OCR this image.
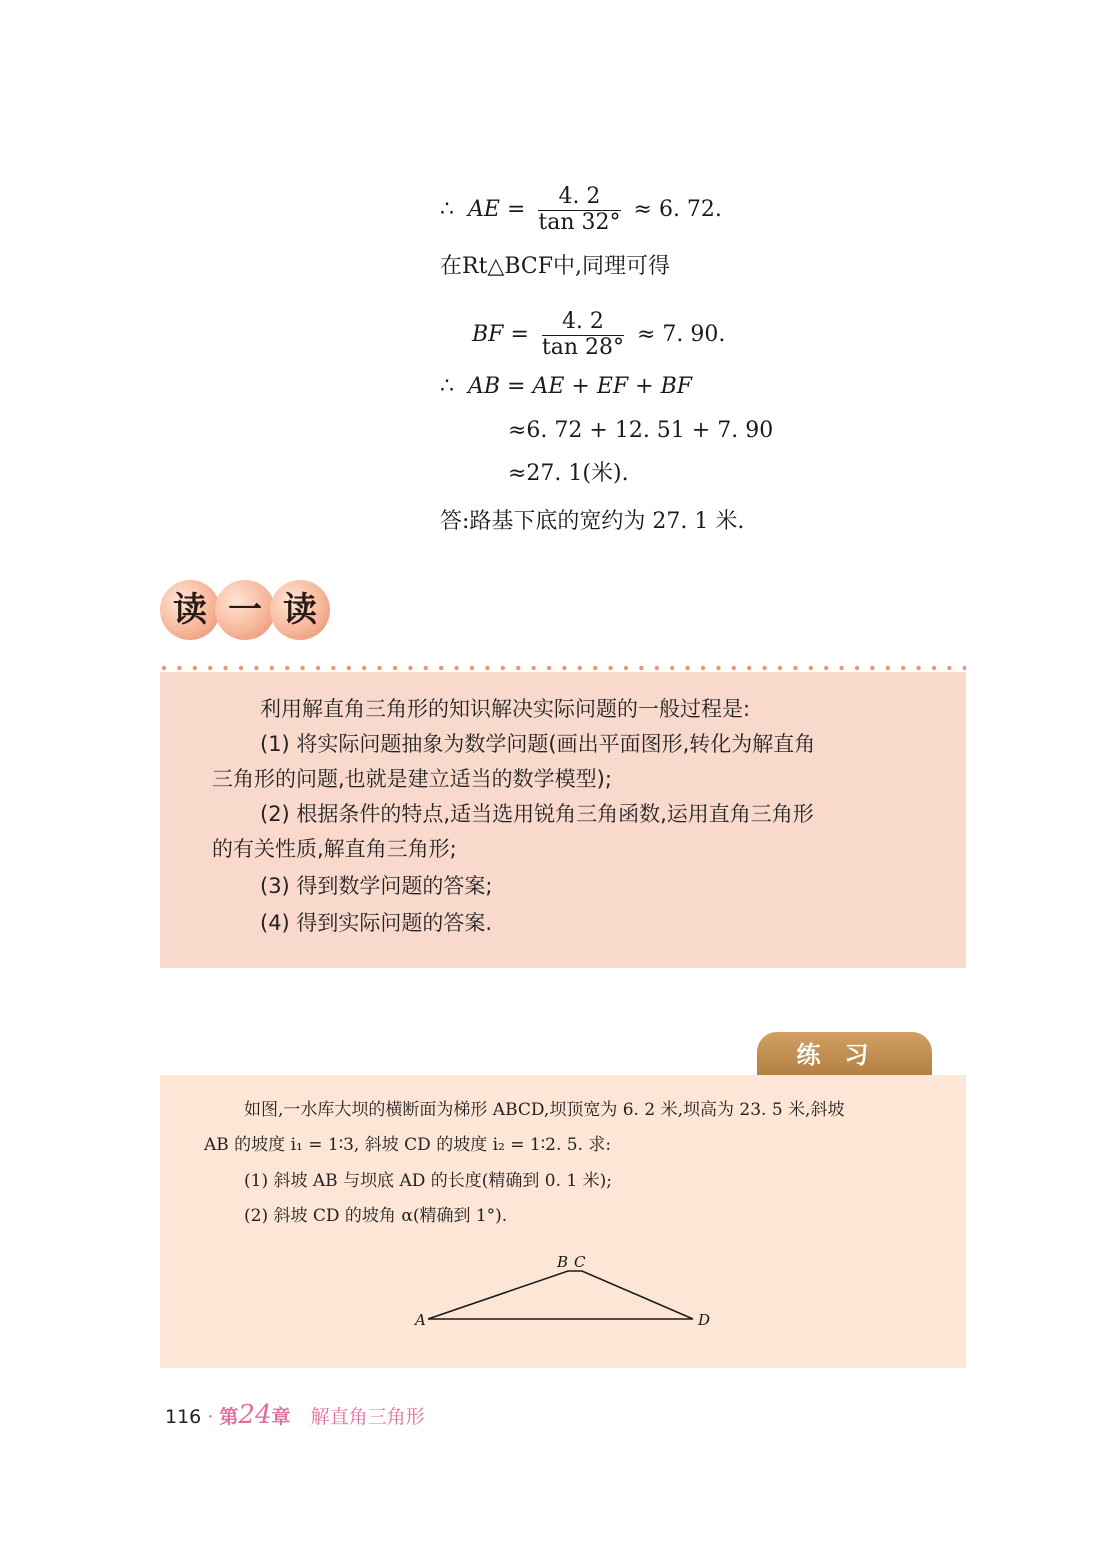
∴ AE = $\frac{4. 2}{\tan 32^\circ} \approx 6$. 72.
在Rt△BCF中,同理可得
BF = $\frac{4. 2}{\tan 28^\circ} \approx 7$. 90.
∴ AB = AE + EF + BF
≈6. 72 + 12. 51 + 7. 90
≈27. 1(米).
答:路基下底的宽约为 27. 1 米.
读 一 读

利用解直角三角形的知识解决实际问题的一般过程是:

(1) 将实际问题抽象为数学问题(画出平面图形,转化为解直角

三角形的问题,也就是建立适当的数学模型);

(2) 根据条件的特点,适当选用锐角三角函数,运用直角三角形

的有关性质,解直角三角形;

(3) 得到数学问题的答案;

(4) 得到实际问题的答案.

练习

如图,一水库大坝的横断面为梯形 ABCD,坝顶宽为 6. 2 米,坝高为 23. 5 米,斜坡

AB 的坡度 i₁ = 1∶3, 斜坡 CD 的坡度 i₂ = 1∶2. 5. 求:

(1) 斜坡 AB 与坝底 AD 的长度(精确到 0. 1 米);

(2) 斜坡 CD 的坡角 α(精确到 1°).

A
B C
D
116 · 第24章 解直角三角形
